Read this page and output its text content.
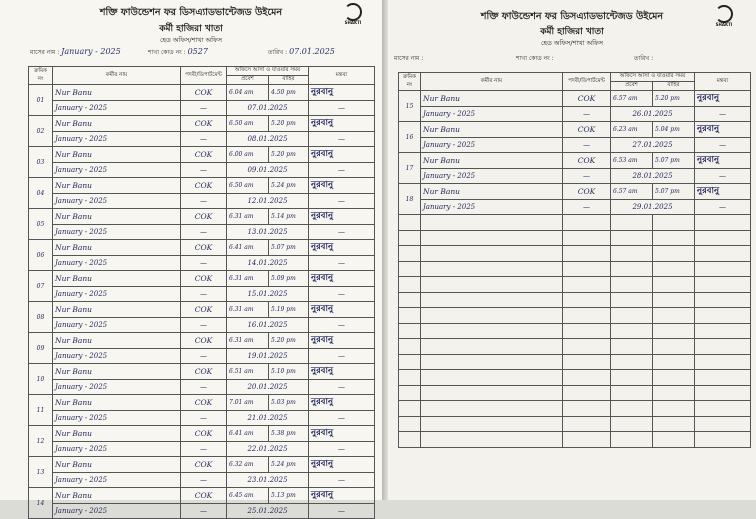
SHAKTI
শক্তি ফাউন্ডেশন ফর ডিসএ্যাডভান্টেজড উইমেন
কর্মী হাজিরা খাতা
হেড অফিস/শাখা অফিস
মাসের নাম : January - 2025	শাখা কোড নং : 0527	তারিখ : 07.01.2025
ক্রমিক নং	কর্মীর নাম	পদবী/ডিপার্টমেন্ট	অফিসে আসা ও যাওয়ার সময়		মন্তব্য
			প্রবেশ	বাহির	
01	Nur Banu	COK	6.04 am	4.50 pm	নুরবানু
	January - 2025	—	07.01.2025		—
02	Nur Banu	COK	6.50 am	5.20 pm	নুরবানু
	January - 2025	—	08.01.2025		—
03	Nur Banu	COK	6.00 am	5.20 pm	নুরবানু
	January - 2025	—	09.01.2025		—
04	Nur Banu	COK	6.50 am	5.24 pm	নুরবানু
	January - 2025	—	12.01.2025		—
05	Nur Banu	COK	6.31 am	5.14 pm	নুরবানু
	January - 2025	—	13.01.2025		—
06	Nur Banu	COK	6.41 am	5.07 pm	নুরবানু
	January - 2025	—	14.01.2025		—
07	Nur Banu	COK	6.31 am	5.09 pm	নুরবানু
	January - 2025	—	15.01.2025		—
08	Nur Banu	COK	6.31 am	5.19 pm	নুরবানু
	January - 2025	—	16.01.2025		—
09	Nur Banu	COK	6.31 am	5.20 pm	নুরবানু
	January - 2025	—	19.01.2025		—
10	Nur Banu	COK	6.51 am	5.10 pm	নুরবানু
	January - 2025	—	20.01.2025		—
11	Nur Banu	COK	7.01 am	5.03 pm	নুরবানু
	January - 2025	—	21.01.2025		—
12	Nur Banu	COK	6.41 am	5.38 pm	নুরবানু
	January - 2025	—	22.01.2025		—
13	Nur Banu	COK	6.32 am	5.24 pm	নুরবানু
	January - 2025	—	23.01.2025		—
14	Nur Banu	COK	6.45 am	5.13 pm	নুরবানু
	January - 2025	—	25.01.2025		—
SHAKTI
শক্তি ফাউন্ডেশন ফর ডিসএ্যাডভান্টেজড উইমেন
কর্মী হাজিরা খাতা
হেড অফিস/শাখা অফিস
মাসের নাম :	শাখা কোড নং :	তারিখ :
ক্রমিক নং	কর্মীর নাম	পদবী/ডিপার্টমেন্ট	অফিসে আসা ও যাওয়ার সময়		মন্তব্য
			প্রবেশ	বাহির	
15	Nur Banu	COK	6.57 am	5.20 pm	নুরবানু
	January - 2025	—	26.01.2025		—
16	Nur Banu	COK	6.23 am	5.04 pm	নুরবানু
	January - 2025	—	27.01.2025		—
17	Nur Banu	COK	6.53 am	5.07 pm	নুরবানু
	January - 2025	—	28.01.2025		—
18	Nur Banu	COK	6.57 am	5.07 pm	নুরবানু
	January - 2025	—	29.01.2025		—
